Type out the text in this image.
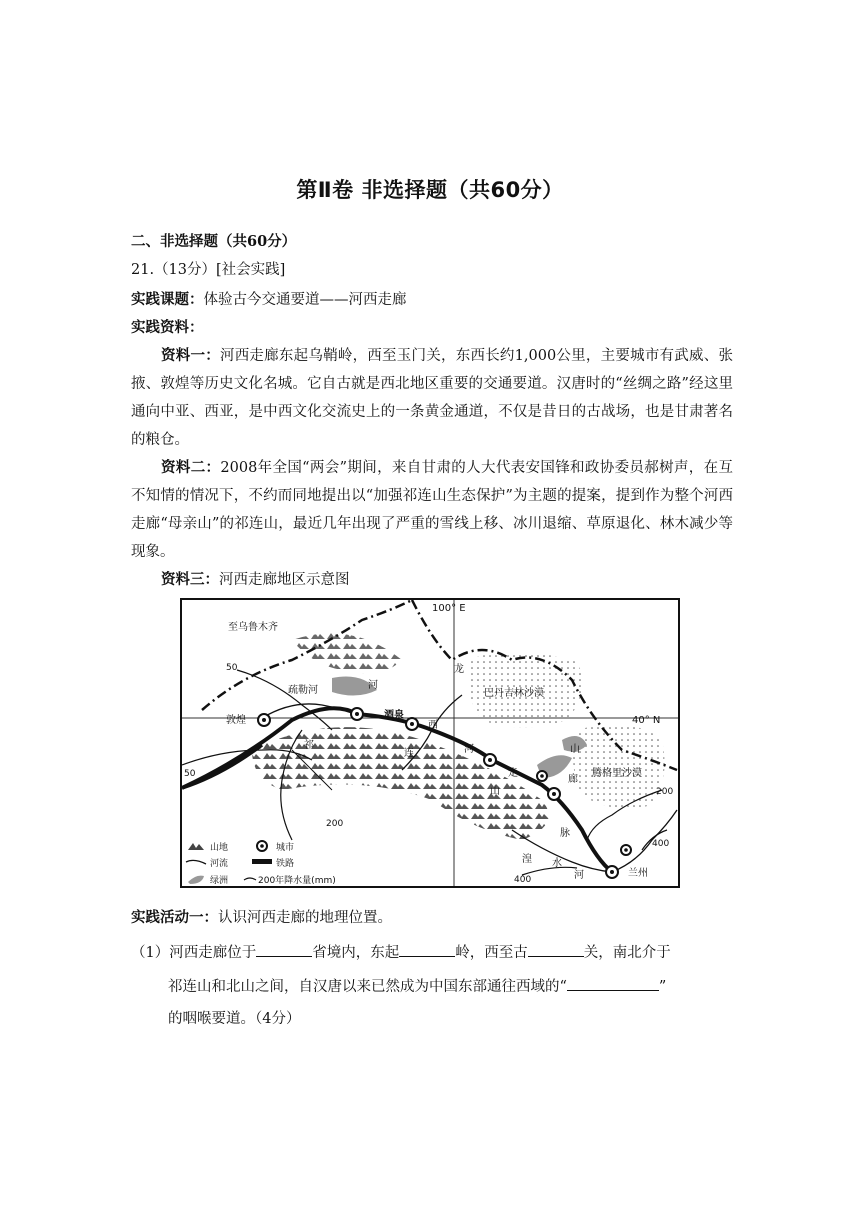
第Ⅱ卷 非选择题（共60分）
二、非选择题（共60分）
21.（13分）[社会实践]
实践课题：体验古今交通要道——河西走廊
实践资料：
资料一：河西走廊东起乌鞘岭，西至玉门关，东西长约1,000公里，主要城市有武威、张掖、敦煌等历史文化名城。它自古就是西北地区重要的交通要道。汉唐时的“丝绸之路”经这里通向中亚、西亚，是中西文化交流史上的一条黄金通道，不仅是昔日的古战场，也是甘肃著名的粮仓。
资料二：2008年全国“两会”期间，来自甘肃的人大代表安国锋和政协委员郝树声，在互不知情的情况下，不约而同地提出以“加强祁连山生态保护”为主题的提案，提到作为整个河西走廊“母亲山”的祁连山，最近几年出现了严重的雪线上移、冰川退缩、草原退化、林木减少等现象。
资料三：河西走廊地区示意图
100° E
40° N
至乌鲁木齐
疏勒河
敦煌	酒泉
巴丹吉林沙漠
腾格里沙漠
兰州
河
西
走
廊
祁
连
山
脉
湟 水
河
河
龙
山
50
50
200
200
400
400
山地	城市
河流	铁路
绿洲	200年降水量(mm)
实践活动一：认识河西走廊的地理位置。
（1）河西走廊位于	省境内，东起	岭，西至古	关，南北介于
祁连山和北山之间，自汉唐以来已然成为中国东部通往西域的“	”
的咽喉要道。（4分）
